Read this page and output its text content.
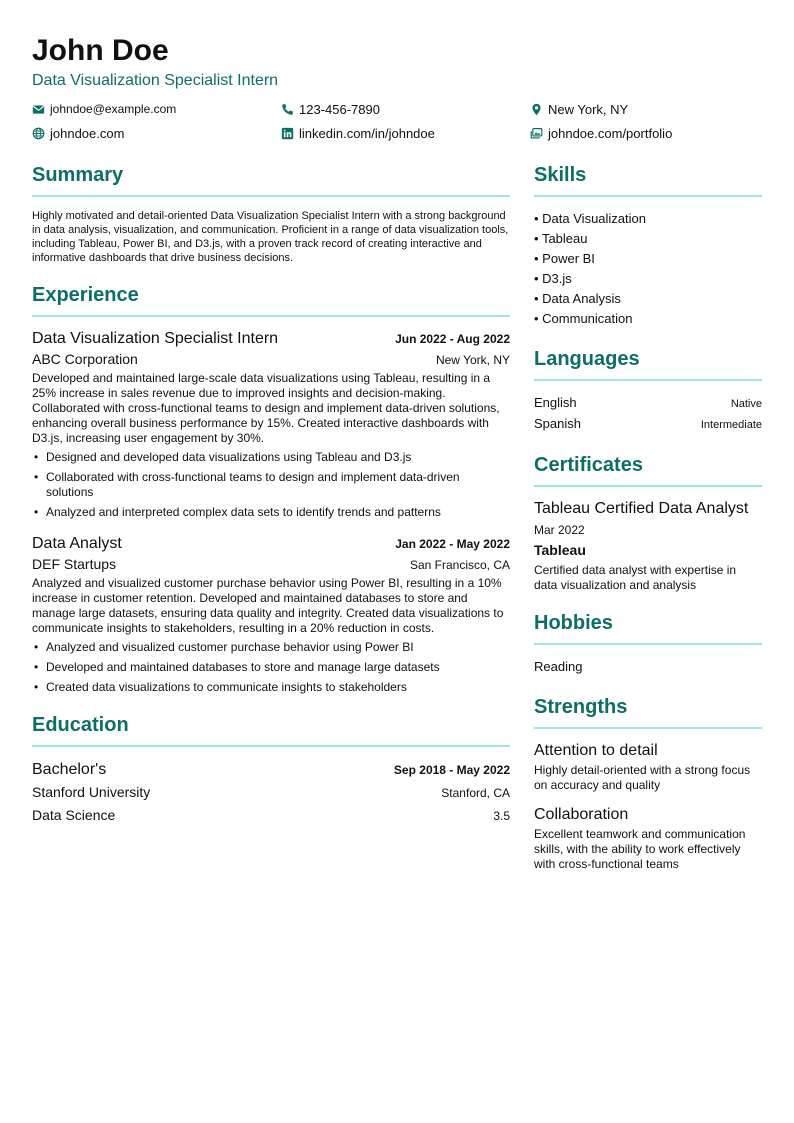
John Doe
Data Visualization Specialist Intern
johndoe@example.com	123-456-7890	New York, NY
johndoe.com	linkedin.com/in/johndoe	johndoe.com/portfolio
Summary
Highly motivated and detail-oriented Data Visualization Specialist Intern with a strong background in data analysis, visualization, and communication. Proficient in a range of data visualization tools, including Tableau, Power BI, and D3.js, with a proven track record of creating interactive and informative dashboards that drive business decisions.
Experience
Data Visualization Specialist Intern	Jun 2022 - Aug 2022
ABC Corporation	New York, NY
Developed and maintained large-scale data visualizations using Tableau, resulting in a 25% increase in sales revenue due to improved insights and decision-making. Collaborated with cross-functional teams to design and implement data-driven solutions, enhancing overall business performance by 15%. Created interactive dashboards with D3.js, increasing user engagement by 30%.
• Designed and developed data visualizations using Tableau and D3.js
• Collaborated with cross-functional teams to design and implement data-driven solutions
• Analyzed and interpreted complex data sets to identify trends and patterns
Data Analyst	Jan 2022 - May 2022
DEF Startups	San Francisco, CA
Analyzed and visualized customer purchase behavior using Power BI, resulting in a 10% increase in customer retention. Developed and maintained databases to store and manage large datasets, ensuring data quality and integrity. Created data visualizations to communicate insights to stakeholders, resulting in a 20% reduction in costs.
• Analyzed and visualized customer purchase behavior using Power BI
• Developed and maintained databases to store and manage large datasets
• Created data visualizations to communicate insights to stakeholders
Education
Bachelor's	Sep 2018 - May 2022
Stanford University	Stanford, CA
Data Science	3.5
Skills
• Data Visualization
• Tableau
• Power BI
• D3.js
• Data Analysis
• Communication
Languages
English	Native
Spanish	Intermediate
Certificates
Tableau Certified Data Analyst
Mar 2022
Tableau
Certified data analyst with expertise in data visualization and analysis
Hobbies
Reading
Strengths
Attention to detail
Highly detail-oriented with a strong focus on accuracy and quality
Collaboration
Excellent teamwork and communication skills, with the ability to work effectively with cross-functional teams
